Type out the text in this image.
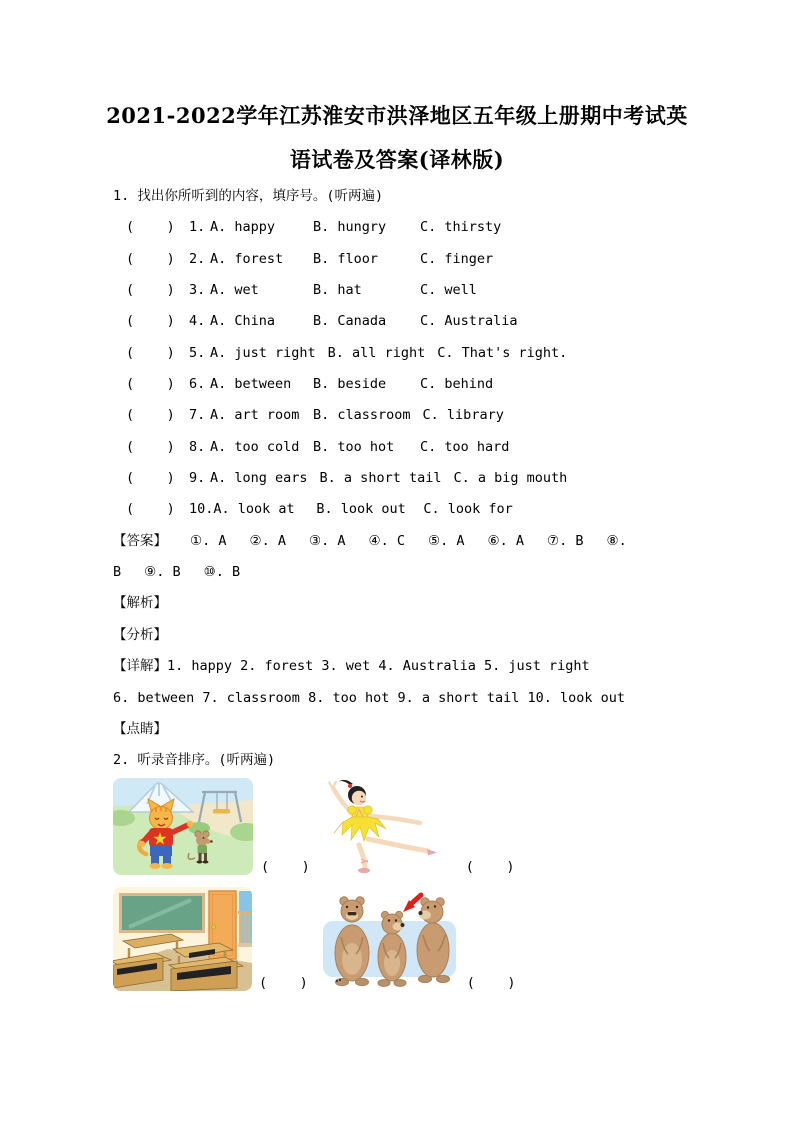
2021-2022学年江苏淮安市洪泽地区五年级上册期中考试英
语试卷及答案(译林版)
1. 找出你所听到的内容，填序号。(听两遍)
(    )	1. A. happy	B. hungry	C. thirsty
(    )	2. A. forest	B. floor	C. finger
(    )	3. A. wet	B. hat	C. well
(    )	4. A. China	B. Canada	C. Australia
(    )	5. A. just right B. all right C. That's right.
(    )	6. A. between	B. beside	C. behind
(    )	7. A. art room	B. classroom C. library
(    )	8. A. too cold	B. too hot	C. too hard
(    )	9. A. long ears B. a short tail C. a big mouth
(    )	10. A. look at	B. look out	C. look for
【答案】 ①. A ②. A ③. A ④. C ⑤. A ⑥. A ⑦. B ⑧.
B ⑨. B ⑩. B
【解析】
【分析】
【详解】1. happy 2. forest 3. wet 4. Australia 5. just right
6. between 7. classroom 8. too hot 9. a short tail 10. look out
【点睛】
2. 听录音排序。(听两遍)
(    )	(    )
(    )	(    )
